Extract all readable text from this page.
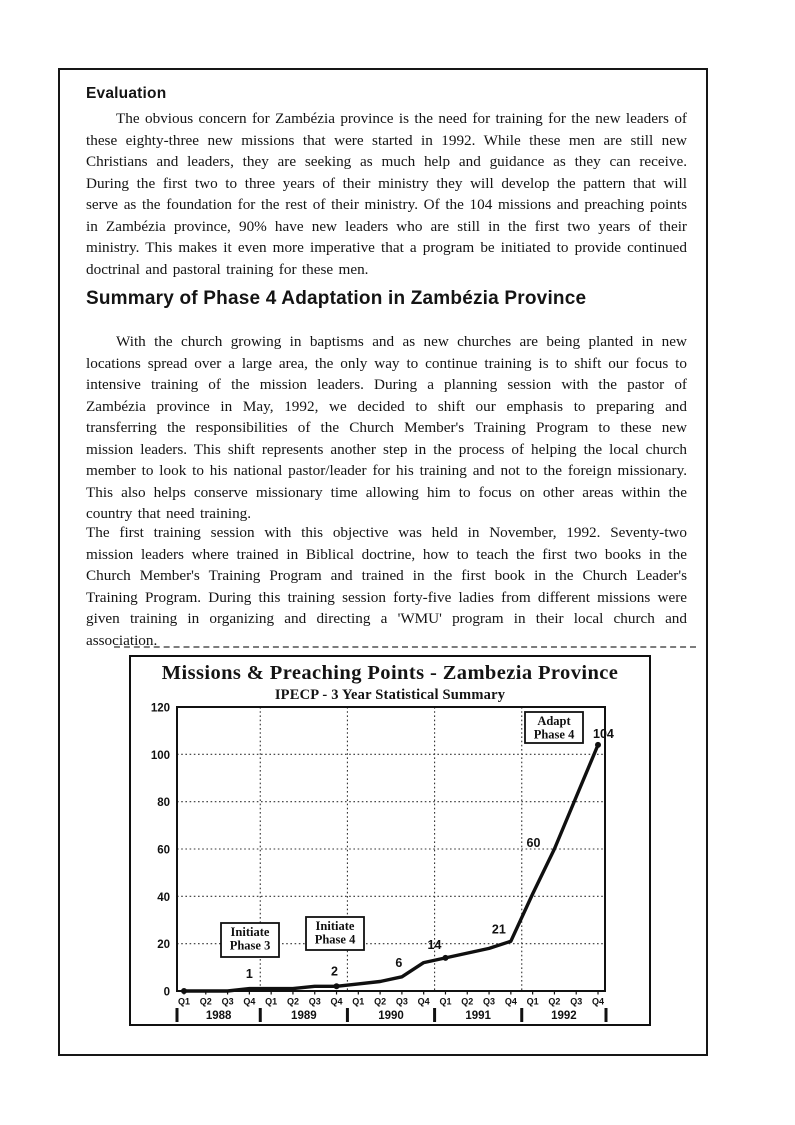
Evaluation

The obvious concern for Zambézia province is the need for training for the new leaders of these eighty-three new missions that were started in 1992. While these men are still new Christians and leaders, they are seeking as much help and guidance as they can receive. During the first two to three years of their ministry they will develop the pattern that will serve as the foundation for the rest of their ministry. Of the 104 missions and preaching points in Zambézia province, 90% have new leaders who are still in the first two years of their ministry. This makes it even more imperative that a program be initiated to provide continued doctrinal and pastoral training for these men.

Summary of Phase 4 Adaptation in Zambézia Province

With the church growing in baptisms and as new churches are being planted in new locations spread over a large area, the only way to continue training is to shift our focus to intensive training of the mission leaders. During a planning session with the pastor of Zambézia province in May, 1992, we decided to shift our emphasis to preparing and transferring the responsibilities of the Church Member's Training Program to these new mission leaders. This shift represents another step in the process of helping the local church member to look to his national pastor/leader for his training and not to the foreign missionary. This also helps conserve missionary time allowing him to focus on other areas within the country that need training.

The first training session with this objective was held in November, 1992. Seventy-two mission leaders where trained in Biblical doctrine, how to teach the first two books in the Church Member's Training Program and trained in the first book in the Church Leader's Training Program. During this training session forty-five ladies from different missions were given training in organizing and directing a 'WMU' program in their local church and association.

Missions & Preaching Points - Zambezia Province
IPECP - 3 Year Statistical Summary
0
20
40
60
80
100
120
Q1 Q2 Q3 Q4 Q1 Q2 Q3 Q4 Q1 Q2 Q3 Q4 Q1 Q2 Q3 Q4 Q1 Q2 Q3 Q4
1988	1989	1990	1991	1992
Initiate
Phase 3
Initiate
Phase 4
Adapt
Phase 4
1	2
6
14
21
60
104
